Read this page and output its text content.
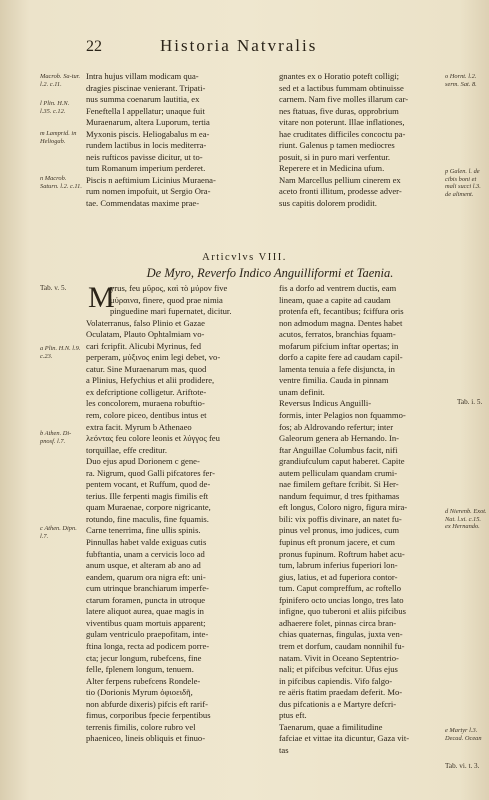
22	Historia Natvralis
Macrob. Sa-tur. l.2. c.11.
l Plin. H.N. l.35. c.12.
m Lamprid. in Heliogab.
n Macrob. Saturn. l.2. c.11.
Tab. v. 5.
a Plin. H.N. l.9. c.23.
b Athen. Di-pnosf. l.7.
c Athen. Dipn. l.7.
o Hornt. l.2. serm. Sat. 8.
p Galen. l. de cibis boni et mali succi l.3. de aliment.
Tab. i. 5.
d Nierenb. Exot. Nat. l.xi. c.15. ex Hernando.
e Martyr l.3. Decad. Ocean
Tab. vi. t. 3.
Intra hujus villam modicam qua-
dragies piscinae venierant. Tripati-
nus summa coenarum lautitia, ex
Feneftella l appellatur; unaque fuit
Muraenarum, altera Luporum, tertia
Myxonis piscis. Heliogabalus m ea-
rundem lactibus in locis mediterra-
neis rufticos pavisse dicitur, ut to-
tum Romanum imperium perderet.
Piscis n aeftimium Licinius Muraena-
rum nomen impofuit, ut Sergio Ora-
tae. Commendatas maxime prae-
gnantes ex o Horatio poteft colligi;
sed et a lactibus fummam obtinuisse
carnem. Nam five molles illarum car-
nes ftatuas, five duras, opprobrium
vitare non poterunt. Illae inflationes,
hae cruditates difficiles concoctu pa-
riunt. Galenus p tamen mediocres
posuit, si in puro mari verfentur.
Reperere et in Medicina ufum.
Nam Marcellus pellium cinerem ex
aceto fronti illitum, prodesse adver-
sus capitis dolorem prodidit.
Articvlvs VIII.
De Myro, Reverfo Indico Anguilliformi et Taenia.
M
yrus, feu μῦρος, καὶ τὸ μύρον five
μύραινα, finere, quod prae nimia
pinguedine mari fupernatet, dicitur.
Volaterranus, falso Plinio et Gazae
Oculatam, Plauto Ophtalmiam vo-
cari fcripfit. Alicubi Myrinus, fed
perperam, μύξινος enim legi debet, vo-
catur. Sine Muraenarum mas, quod
a Plinius, Hefychius et alii prodidere,
ex defcriptione colligetur. Ariftote-
les concolorem, muraena robuftio-
rem, colore piceo, dentibus intus et
extra facit. Myrum b Athenaeo
λεόντας feu colore leonis et λύγγος feu
torquillae, effe creditur.
Duo ejus apud Dorionem c gene-
ra. Nigrum, quod Galli pifcatores fer-
pentem vocant, et Ruffum, quod de-
terius. Ille ferpenti magis fimilis eft
quam Muraenae, corpore nigricante,
rotundo, fine maculis, fine fquamis.
Carne tenerrima, fine ullis spinis.
Pinnullas habet valde exiguas cutis
fubftantia, unam a cervicis loco ad
anum usque, et alteram ab ano ad
eandem, quarum ora nigra eft: uni-
cum utrinque branchiarum imperfe-
ctarum foramen, puncta in utroque
latere aliquot aurea, quae magis in
viventibus quam mortuis apparent;
gulam ventriculo praepofitam, inte-
ftina longa, recta ad podicem porre-
cta; jecur longum, rubefcens, fine
felle, fplenem longum, tenuem.
Alter ferpens rubefcens Rondele-
tio (Dorionis Myrum ὀφιοειδῆ,
non abfurde dixeris) pifcis eft rarif-
fimus, corporibus fpecie ferpentibus
terrenis fimilis, colore rubro vel
phaeniceo, lineis obliquis et finuo-
fis a dorfo ad ventrem ductis, eam
lineam, quae a capite ad caudam
protenfa eft, fecantibus; fciffura oris
non admodum magna. Dentes habet
acutos, ferratos, branchias fquam-
mofarum pifcium inftar opertas; in
dorfo a capite fere ad caudam capil-
lamenta tenuia a fefe disjuncta, in
ventre fimilia. Cauda in pinnam
unam definit.
Reversus Indicus Anguilli-
formis, inter Pelagios non fquammo-
fos; ab Aldrovando refertur; inter
Galeorum genera ab Hernando. In-
ftar Anguillae Columbus facit, nifi
grandiufculum caput haberet. Capite
autem pelliculam quandam crumi-
nae fimilem geftare fcribit. Si Her-
nandum fequimur, d tres fpithamas
eft longus, Coloro nigro, figura mira-
bili: vix poffis divinare, an natet fu-
pinus vel pronus, imo judices, cum
fupinus eft pronum jacere, et cum
pronus fupinum. Roftrum habet acu-
tum, labrum inferius fuperiori lon-
gius, latius, et ad fuperiora contor-
tum. Caput compreffum, ac roftello
fpinifero octo uncias longo, tres lato
infigne, quo tuberoni et aliis pifcibus
adhaerere folet, pinnas circa bran-
chias quaternas, fingulas, juxta ven-
trem et dorfum, caudam nonnihil fu-
natam. Vivit in Oceano Septentrio-
nali; et pifcibus vefcitur. Ufus ejus
in pifcibus capiendis. Vifo falgo-
re aëris ftatim praedam deferit. Mo-
dus pifcationis a e Martyre defcri-
ptus eft.
Taenarum, quae a fimilitudine
fafciae et vittae ita dicuntur, Gaza vit-
tas
